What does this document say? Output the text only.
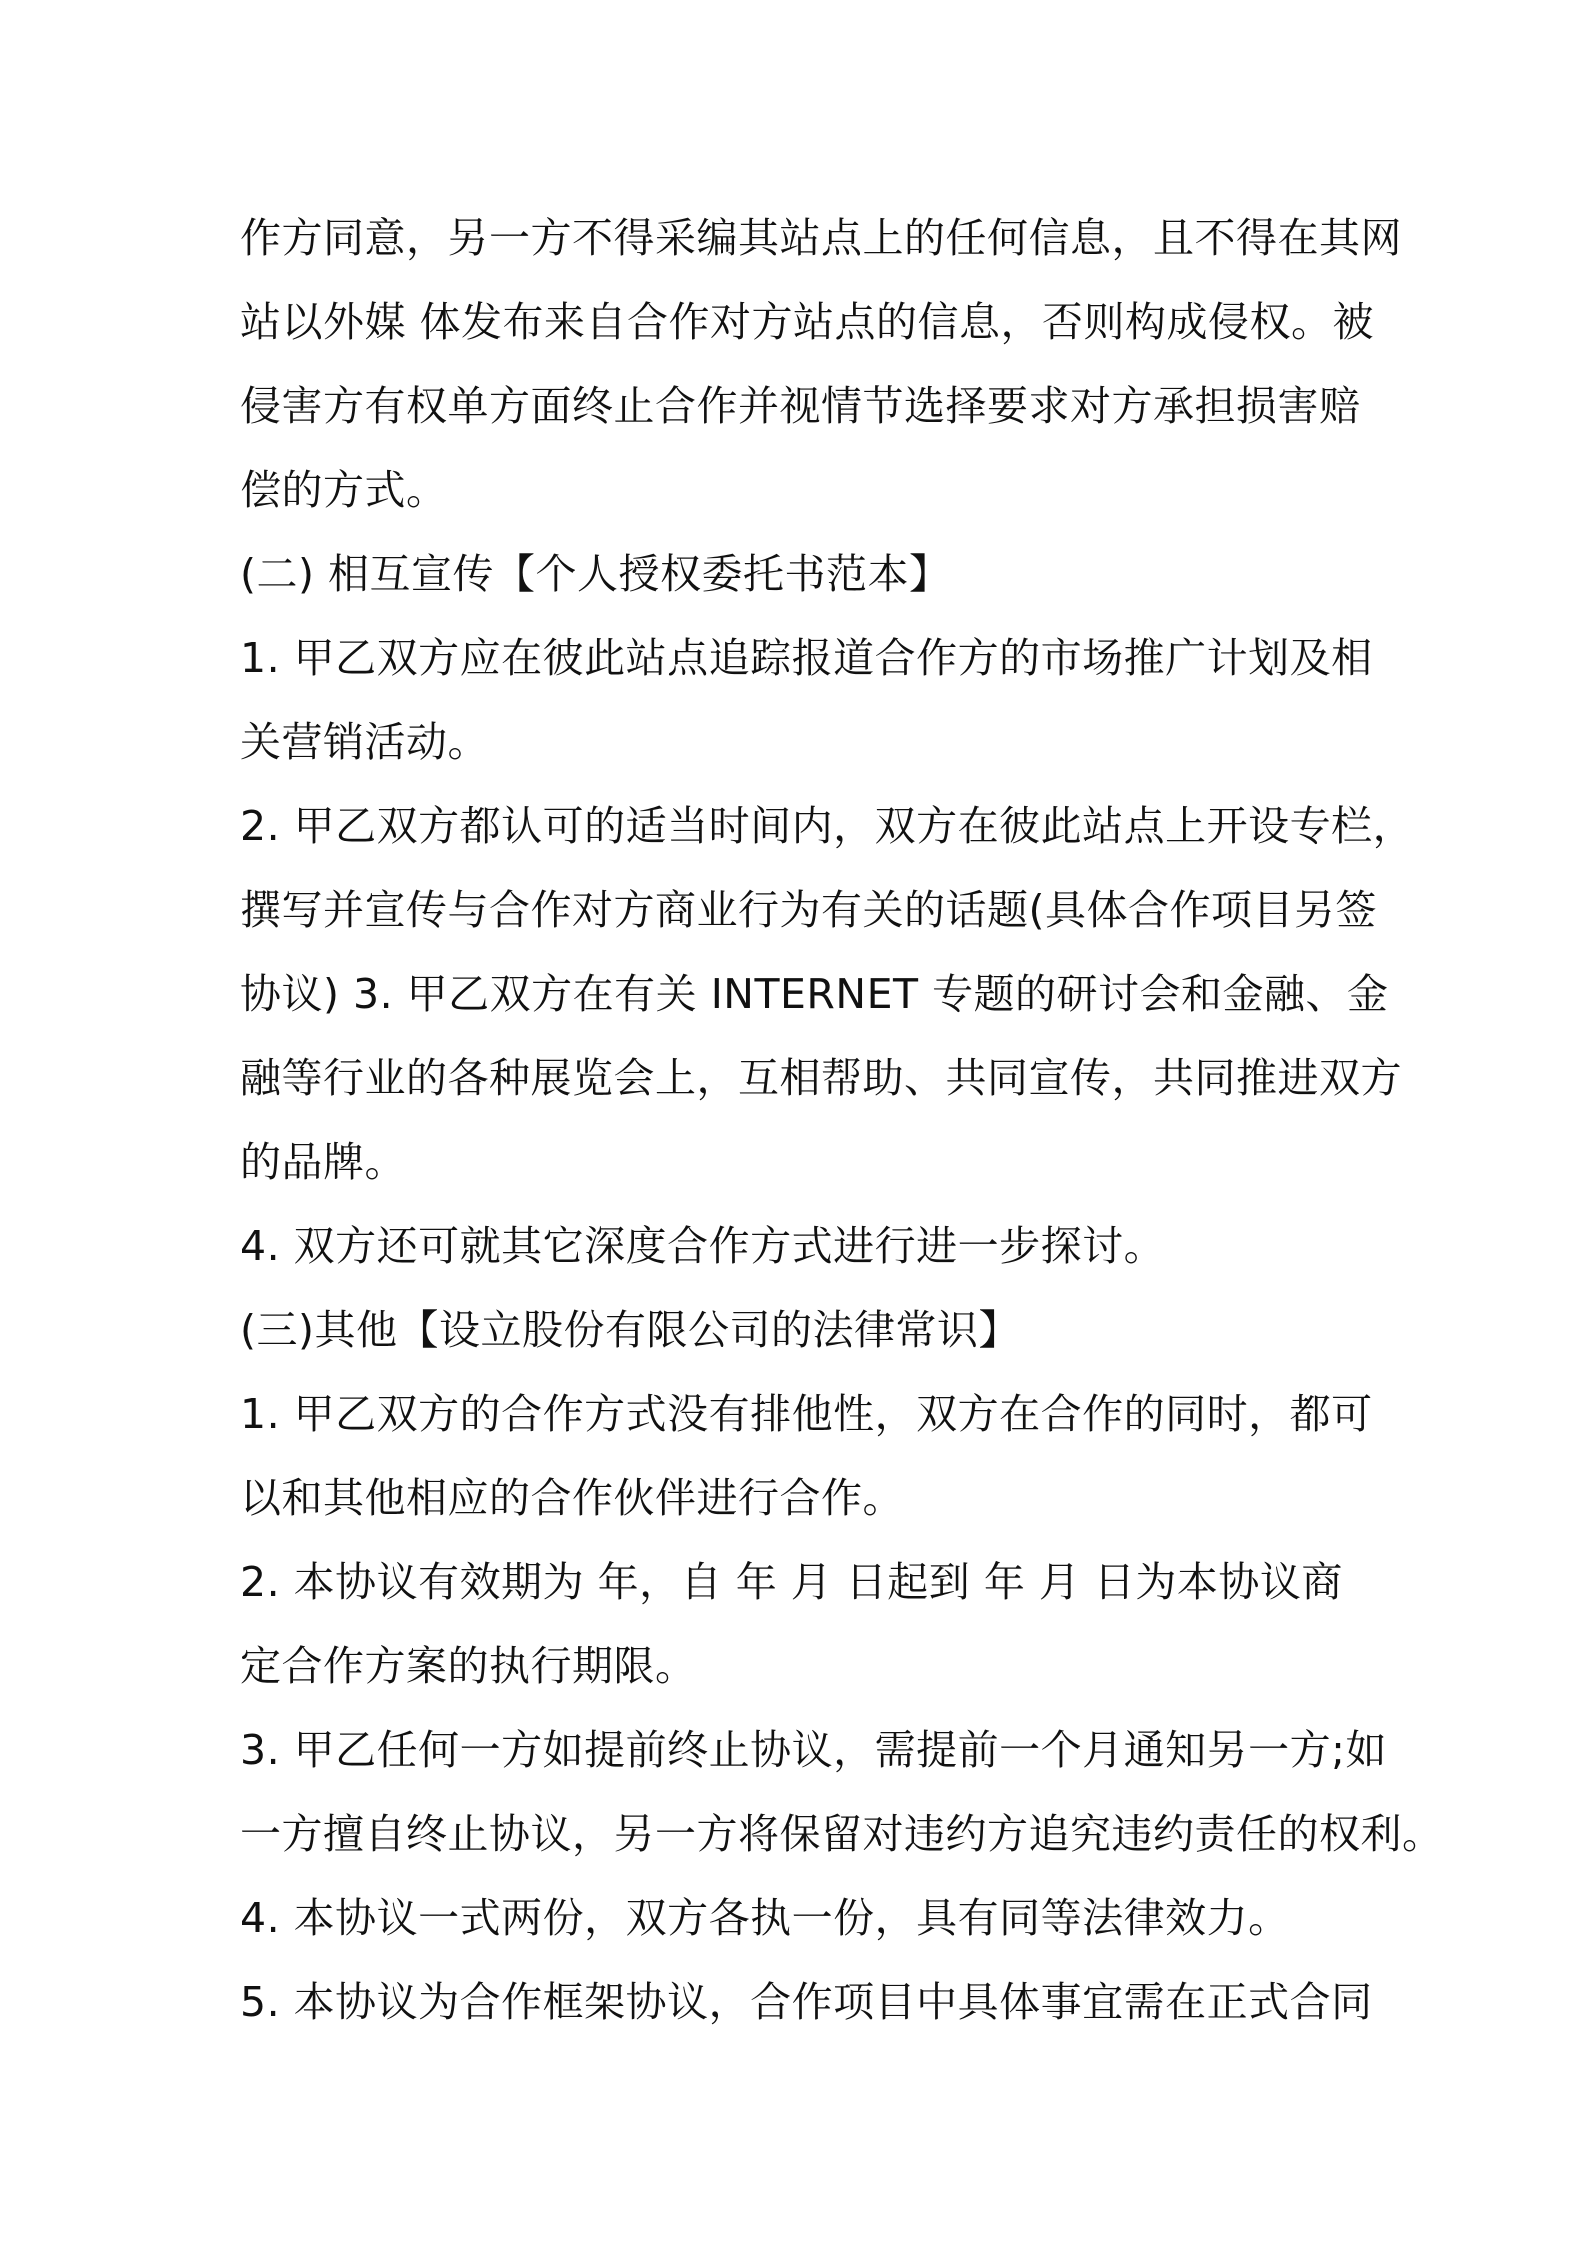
作方同意，另一方不得采编其站点上的任何信息，且不得在其网
站以外媒 体发布来自合作对方站点的信息，否则构成侵权。被
侵害方有权单方面终止合作并视情节选择要求对方承担损害赔
偿的方式。
(二) 相互宣传【个人授权委托书范本】
1. 甲乙双方应在彼此站点追踪报道合作方的市场推广计划及相
关营销活动。
2. 甲乙双方都认可的适当时间内，双方在彼此站点上开设专栏，
撰写并宣传与合作对方商业行为有关的话题(具体合作项目另签
协议) 3. 甲乙双方在有关 INTERNET 专题的研讨会和金融、金
融等行业的各种展览会上，互相帮助、共同宣传，共同推进双方
的品牌。
4. 双方还可就其它深度合作方式进行进一步探讨。
(三)其他【设立股份有限公司的法律常识】
1. 甲乙双方的合作方式没有排他性，双方在合作的同时，都可
以和其他相应的合作伙伴进行合作。
2. 本协议有效期为 年，自 年 月 日起到 年 月 日为本协议商
定合作方案的执行期限。
3. 甲乙任何一方如提前终止协议，需提前一个月通知另一方;如
一方擅自终止协议，另一方将保留对违约方追究违约责任的权利。
4. 本协议一式两份，双方各执一份，具有同等法律效力。
5. 本协议为合作框架协议，合作项目中具体事宜需在正式合同
